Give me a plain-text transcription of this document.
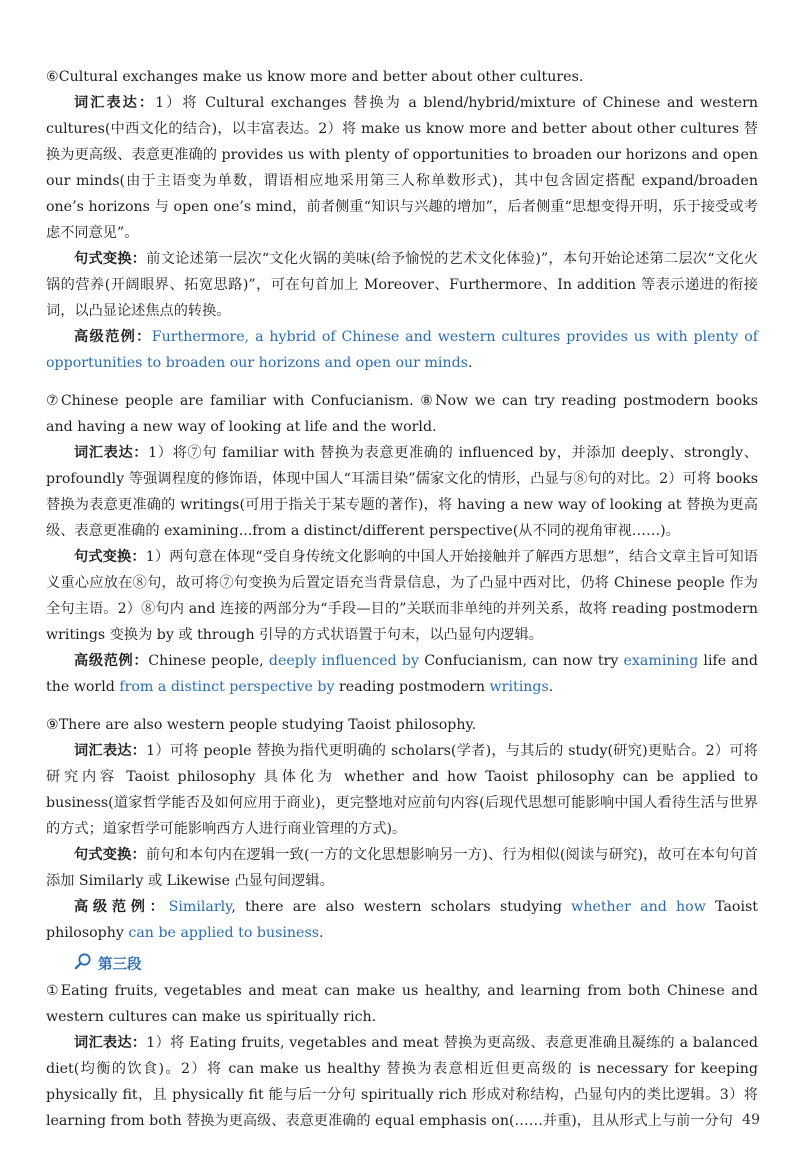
⑥Cultural exchanges make us know more and better about other cultures.

词汇表达：1）将 Cultural exchanges 替换为 a blend/hybrid/mixture of Chinese and western cultures(中西文化的结合)，以丰富表达。2）将 make us know more and better about other cultures 替换为更高级、表意更准确的 provides us with plenty of opportunities to broaden our horizons and open our minds(由于主语变为单数，谓语相应地采用第三人称单数形式)，其中包含固定搭配 expand/broaden one’s horizons 与 open one’s mind，前者侧重“知识与兴趣的增加”，后者侧重“思想变得开明，乐于接受或考虑不同意见”。

句式变换：前文论述第一层次“文化火锅的美味(给予愉悦的艺术文化体验)”，本句开始论述第二层次“文化火锅的营养(开阔眼界、拓宽思路)”，可在句首加上 Moreover、Furthermore、In addition 等表示递进的衔接词，以凸显论述焦点的转换。

高级范例：Furthermore, a hybrid of Chinese and western cultures provides us with plenty of opportunities to broaden our horizons and open our minds.

⑦Chinese people are familiar with Confucianism. ⑧Now we can try reading postmodern books and having a new way of looking at life and the world.

词汇表达：1）将⑦句 familiar with 替换为表意更准确的 influenced by，并添加 deeply、strongly、profoundly 等强调程度的修饰语，体现中国人“耳濡目染”儒家文化的情形，凸显与⑧句的对比。2）可将 books 替换为表意更准确的 writings(可用于指关于某专题的著作)，将 having a new way of looking at 替换为更高级、表意更准确的 examining...from a distinct/different perspective(从不同的视角审视……)。

句式变换：1）两句意在体现“受自身传统文化影响的中国人开始接触并了解西方思想”，结合文章主旨可知语义重心应放在⑧句，故可将⑦句变换为后置定语充当背景信息，为了凸显中西对比，仍将 Chinese people 作为全句主语。2）⑧句内 and 连接的两部分为“手段—目的”关联而非单纯的并列关系，故将 reading postmodern writings 变换为 by 或 through 引导的方式状语置于句末，以凸显句内逻辑。

高级范例：Chinese people, deeply influenced by Confucianism, can now try examining life and the world from a distinct perspective by reading postmodern writings.

⑨There are also western people studying Taoist philosophy.

词汇表达：1）可将 people 替换为指代更明确的 scholars(学者)，与其后的 study(研究)更贴合。2）可将研究内容 Taoist philosophy 具体化为 whether and how Taoist philosophy can be applied to business(道家哲学能否及如何应用于商业)，更完整地对应前句内容(后现代思想可能影响中国人看待生活与世界的方式；道家哲学可能影响西方人进行商业管理的方式)。

句式变换：前句和本句内在逻辑一致(一方的文化思想影响另一方)、行为相似(阅读与研究)，故可在本句句首添加 Similarly 或 Likewise 凸显句间逻辑。

高级范例：Similarly, there are also western scholars studying whether and how Taoist philosophy can be applied to business.

第三段

①Eating fruits, vegetables and meat can make us healthy, and learning from both Chinese and western cultures can make us spiritually rich.

词汇表达：1）将 Eating fruits, vegetables and meat 替换为更高级、表意更准确且凝练的 a balanced diet(均衡的饮食)。2）将 can make us healthy 替换为表意相近但更高级的 is necessary for keeping physically fit，且 physically fit 能与后一分句 spiritually rich 形成对称结构，凸显句内的类比逻辑。3）将 learning from both 替换为更高级、表意更准确的 equal emphasis on(……并重)，且从形式上与前一分句 49
